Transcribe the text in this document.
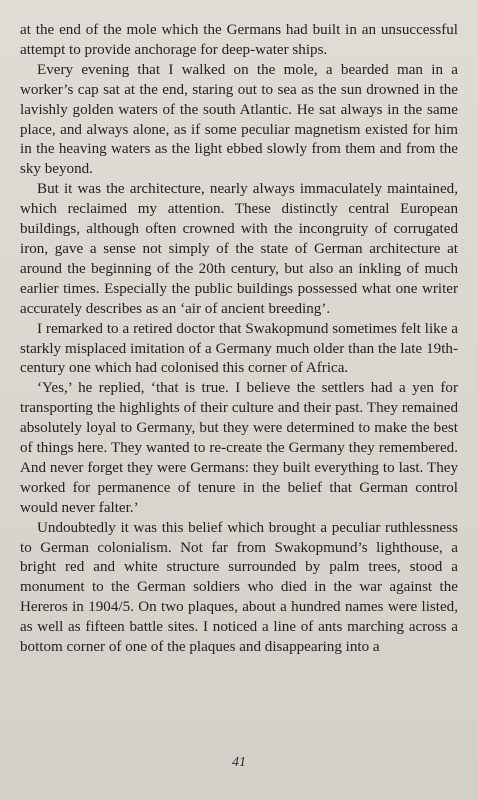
at the end of the mole which the Germans had built in an unsuccessful attempt to provide anchorage for deep-water ships.

Every evening that I walked on the mole, a bearded man in a worker’s cap sat at the end, staring out to sea as the sun drowned in the lavishly golden waters of the south Atlantic. He sat always in the same place, and always alone, as if some peculiar magnetism existed for him in the heaving waters as the light ebbed slowly from them and from the sky beyond.

But it was the architecture, nearly always immaculately maintained, which reclaimed my attention. These distinctly central European buildings, although often crowned with the incongruity of corrugated iron, gave a sense not simply of the state of German architecture at around the beginning of the 20th century, but also an inkling of much earlier times. Especially the public buildings possessed what one writer accurately describes as an ‘air of ancient breeding’.

I remarked to a retired doctor that Swakopmund sometimes felt like a starkly misplaced imitation of a Germany much older than the late 19th-century one which had colonised this corner of Africa.

‘Yes,’ he replied, ‘that is true. I believe the settlers had a yen for transporting the highlights of their culture and their past. They remained absolutely loyal to Germany, but they were determined to make the best of things here. They wanted to re-create the Germany they remembered. And never forget they were Germans: they built everything to last. They worked for permanence of tenure in the belief that German control would never falter.’

Undoubtedly it was this belief which brought a peculiar ruthlessness to German colonialism. Not far from Swakopmund’s lighthouse, a bright red and white structure surrounded by palm trees, stood a monument to the German soldiers who died in the war against the Hereros in 1904/5. On two plaques, about a hundred names were listed, as well as fifteen battle sites. I noticed a line of ants marching across a bottom corner of one of the plaques and disappearing into a

41
